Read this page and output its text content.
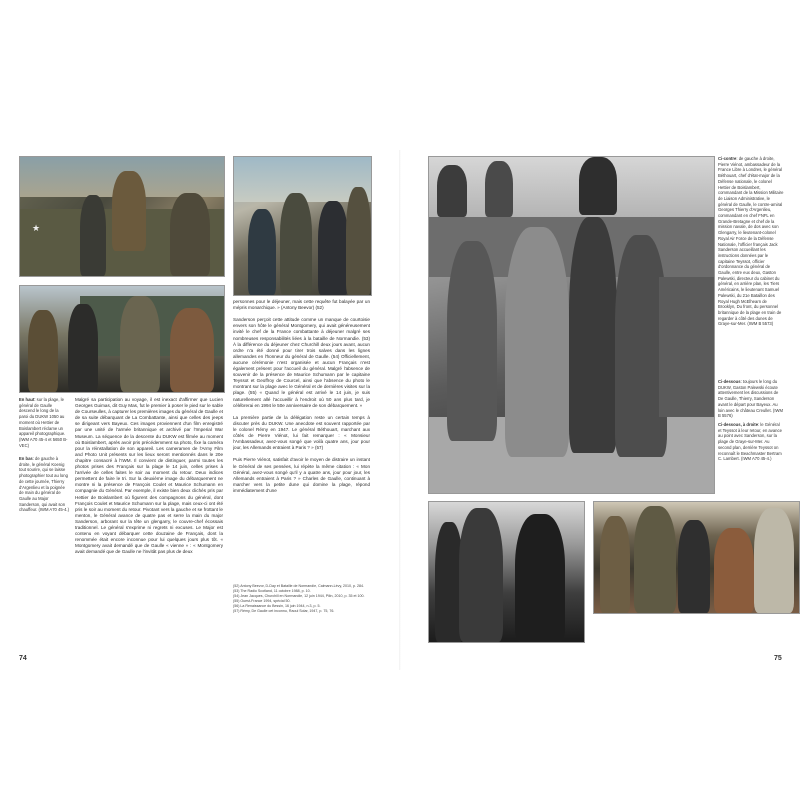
★
En haut: sur la plage, le général de Gaulle descend le long de la paroi du DUKW 1050 au moment où Hettier de Boislambert réclame un appareil photographique. (IWM A70 45-4 et 5650 B-VEC)
En bas: de gauche à droite, le général Koenig tout sourire, qui se laisse photographier tout au long de cette journée, Thierry d'Argenlieu et la poignée de main du général de Gaulle au Major Sanderson, qui avait son chauffeur. (IWM A70 45-4.)
Malgré sa participation au voyage, il est inexact d'affirmer que Lucien Georges Guimas, dit Guy Mas, fut le premier à poser le pied sur le sable de Courseulles, à capturer les premières images du général de Gaulle et de sa suite débarquant de La Combattante, ainsi que celles des jeeps se dirigeant vers Bayeux. Ces images proviennent d'un film enregistré par une unité de l'armée britannique et archivé par l'Imperial War Museum. La séquence de la descente du DUKW est filmée au moment où Boislambert, après avoir pris précédemment sa photo, fixe la caméra pour la réinstallation de son appareil. Les cameramen de l'Army Film and Photo Unit présents sur les lieux seront mentionnés dans le 20e chapitre consacré à l'IWM. Il convient de distinguer, parmi toutes les photos prises des Français sur la plage le 14 juin, celles prises à l'arrivée de celles faites le soir au moment du retour. Deux indices permettent de faire le tri. Sur la deuxième image du débarquement ne montre ni la présence de François Coulet et Maurice Schumann en compagnie du Général. Par exemple, il existe bien deux clichés pris par Hettier de Boislambert où figurent des compagnons du général, dont François Coulet et Maurice Schumann sur la plage, mais ceux-ci ont été pris le soir au moment du retour. Pivotant vers la gauche et se frottant le menton, le Général avance de quatre pas et serre la main du major Sanderson, arborant sur la tête un glengarry, le couvre-chef écossais traditionnel. Le général s'exprime ni regrets ni excuses. Le Major est contenu en voyant débarquer cette douzaine de Français, dont la renommée était encore inconnue pour lui quelques jours plus tôt. « Montgomery avait demandé que de Gaulle « vienne » : « Montgomery avait demandé que de Gaulle ne l'invitât pas plus de deux
personnes pour le déjeuner, mais cette requête fut balayée par un mépris monarchique. » (Antony Beevor) (52)

Sanderson perçoit cette attitude comme un manque de courtoisie envers son hôte le général Montgomery, qui avait généreusement invité le chef de la France combattante à déjeuner malgré ses nombreuses responsabilités liées à la bataille de Normandie. (53) À la différence du déjeuner chez Churchill deux jours avant, aucun ordre n'a été donné pour tirer trois salves dans les lignes allemandes en l'honneur du général de Gaulle. (54) Officiellement, aucune cérémonie n'est organisée et aucun Français n'est également présent pour l'accueil du général. Malgré l'absence de souvenir de la présence de Maurice Schumann par le capitaine Teyssot et Geoffroy de Courcel, ainsi que l'absence du photo le montrant sur la plage avec le Général et de dernières visites sur la plage. (55) « Quand le général est arrivé le 14 juin, je suis naturellement allé l'accueillir à l'endroit où 50 ans plus tard, je célébrerai en 1994 le 50e anniversaire de son débarquement. »

La première partie de la délégation reste un certain temps à discuter près du DUKW. Une anecdote est souvent rapportée par le colonel Rémy en 1947. Le général Béthouart, marchant aux côtés de Pierre Viénot, lui fait remarquer : « Monsieur l'Ambassadeur, avez-vous songé que voilà quatre ans, jour pour jour, les Allemands entraient à Paris ? » (57)

Puis Pierre Viénot, satisfait d'avoir le moyen de distraire un instant le Général de ses pensées, lui répète la même citation : « Mon Général, avez-vous songé qu'il y a quatre ans, jour pour jour, les Allemands entraient à Paris ? » Charles de Gaulle, continuant à marcher vers la petite dune qui domine la plage, répond immédiatement d'une
(52) Antony Beevor, D-Day et Bataille de Normandie, Calmann-Lévy, 2010, p. 284.
(53) The Radio Scotland, 11 octobre 1988, p. 10.
(54) Jean Jacques, Churchill en Normandie, 12 juin 1944, Pilin, 2010, p. 35 et 100.
(55) Ouest-France 1994, spécial 50.
(56) La Renaissance du Bessin, 16 juin 1944, n.3, p. 5.
(57) Rémy, De Gaulle cet inconnu, Raoul Solar, 1947, p. 75, 76.
74
Ci-contre: de gauche à droite, Pierre Viénot, ambassadeur de la France Libre à Londres, le général Béthouart, chef d'état-major de la Défense nationale, le colonel Hettier de Boislambert, commandant de la Mission Militaire de Liaison Administrative, le général de Gaulle, le contre-amiral Georges Thierry d'Argenlieu, commandant en chef FNFL en Grande-Bretagne et chef de la mission navale, de dos avec son Glengarry, le lieutenant-colonel Royal Air Force de la Défense Nationale, l'officier français Jack Sanderson accueillant les instructions données par le capitaine Teyssot, officier d'ordonnance du général de Gaulle, entre eux deux, Gaston Palewski, directeur du cabinet du général, en arrière plan, les Tiers Américains, le lieutenant Samuel Palewski, du 21e Bataillon des Royal Hugh McElhearn de Brooklyn, Du front, du personnel britannique de la plage en train de regarder à côté des dunes de Graye-sur-Mer. (IWM B 5573)
Ci-dessous: toujours le long du DUKW, Gaston Palewski écoute attentivement les discussions de De Gaulle, Thierry, Sanderson avant le départ pour Bayeux. Au loin avec le château Creullet. (IWM B 5576)
Ci-dessous, à droite: le Général et Teyssot à leur retour, en avance au point avec Sanderson, sur la plage de Graye-sur-Mer. Au second plan, derrière Teyssot on reconnaît le Beachmaster Bertram C. Lambert. (IWM A70 45-4.)
75
